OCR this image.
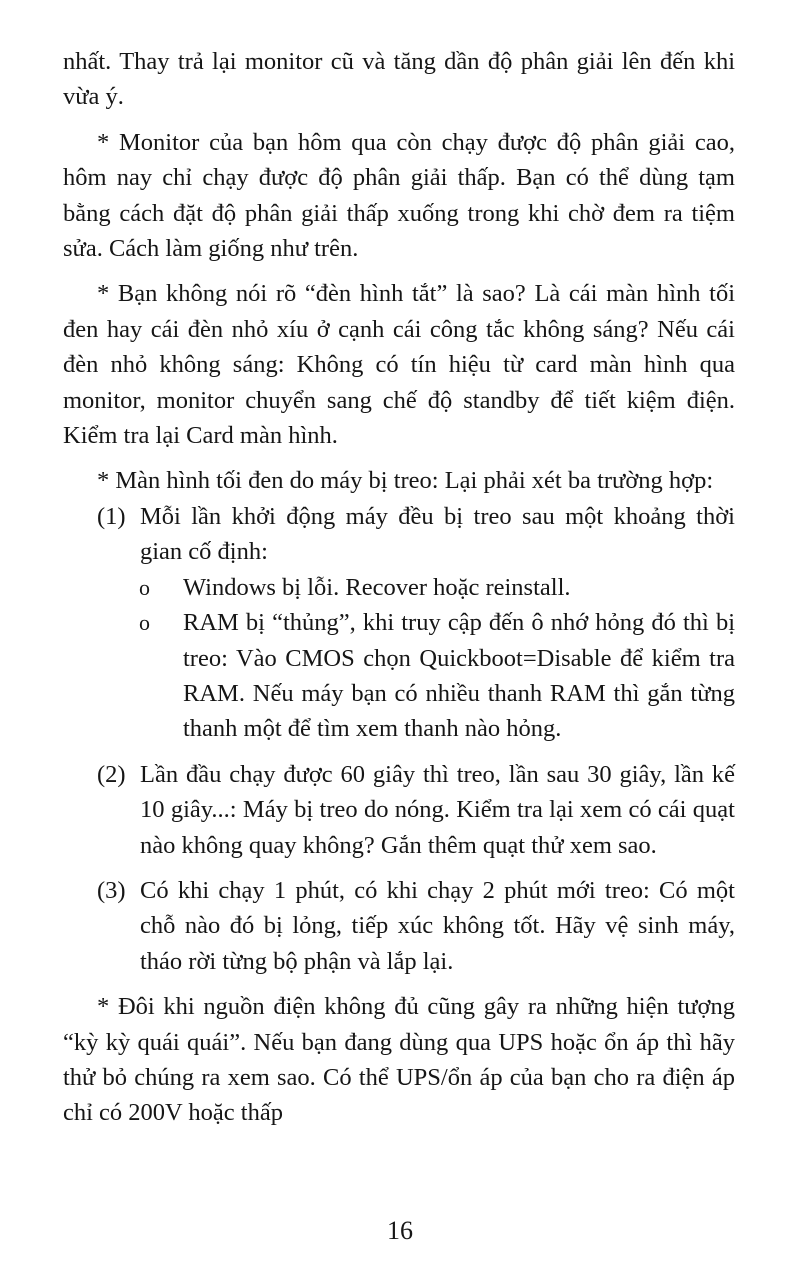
nhất. Thay trả lại monitor cũ và tăng dần độ phân giải lên đến khi vừa ý.

* Monitor của bạn hôm qua còn chạy được độ phân giải cao, hôm nay chỉ chạy được độ phân giải thấp. Bạn có thể dùng tạm bằng cách đặt độ phân giải thấp xuống trong khi chờ đem ra tiệm sửa. Cách làm giống như trên.

* Bạn không nói rõ “đèn hình tắt” là sao? Là cái màn hình tối đen hay cái đèn nhỏ xíu ở cạnh cái công tắc không sáng? Nếu cái đèn nhỏ không sáng: Không có tín hiệu từ card màn hình qua monitor, monitor chuyển sang chế độ standby để tiết kiệm điện. Kiểm tra lại Card màn hình.

* Màn hình tối đen do máy bị treo: Lại phải xét ba trường hợp:

(1) Mỗi lần khởi động máy đều bị treo sau một khoảng thời gian cố định:
o	Windows bị lỗi. Recover hoặc reinstall.
o	RAM bị “thủng”, khi truy cập đến ô nhớ hỏng đó thì bị treo: Vào CMOS chọn Quickboot=Disable để kiểm tra RAM. Nếu máy bạn có nhiều thanh RAM thì gắn từng thanh một để tìm xem thanh nào hỏng.
(2) Lần đầu chạy được 60 giây thì treo, lần sau 30 giây, lần kế 10 giây...: Máy bị treo do nóng. Kiểm tra lại xem có cái quạt nào không quay không? Gắn thêm quạt thử xem sao.
(3) Có khi chạy 1 phút, có khi chạy 2 phút mới treo: Có một chỗ nào đó bị lỏng, tiếp xúc không tốt. Hãy vệ sinh máy, tháo rời từng bộ phận và lắp lại.

* Đôi khi nguồn điện không đủ cũng gây ra những hiện tượng “kỳ kỳ quái quái”. Nếu bạn đang dùng qua UPS hoặc ổn áp thì hãy thử bỏ chúng ra xem sao. Có thể UPS/ổn áp của bạn cho ra điện áp chỉ có 200V hoặc thấp

16
